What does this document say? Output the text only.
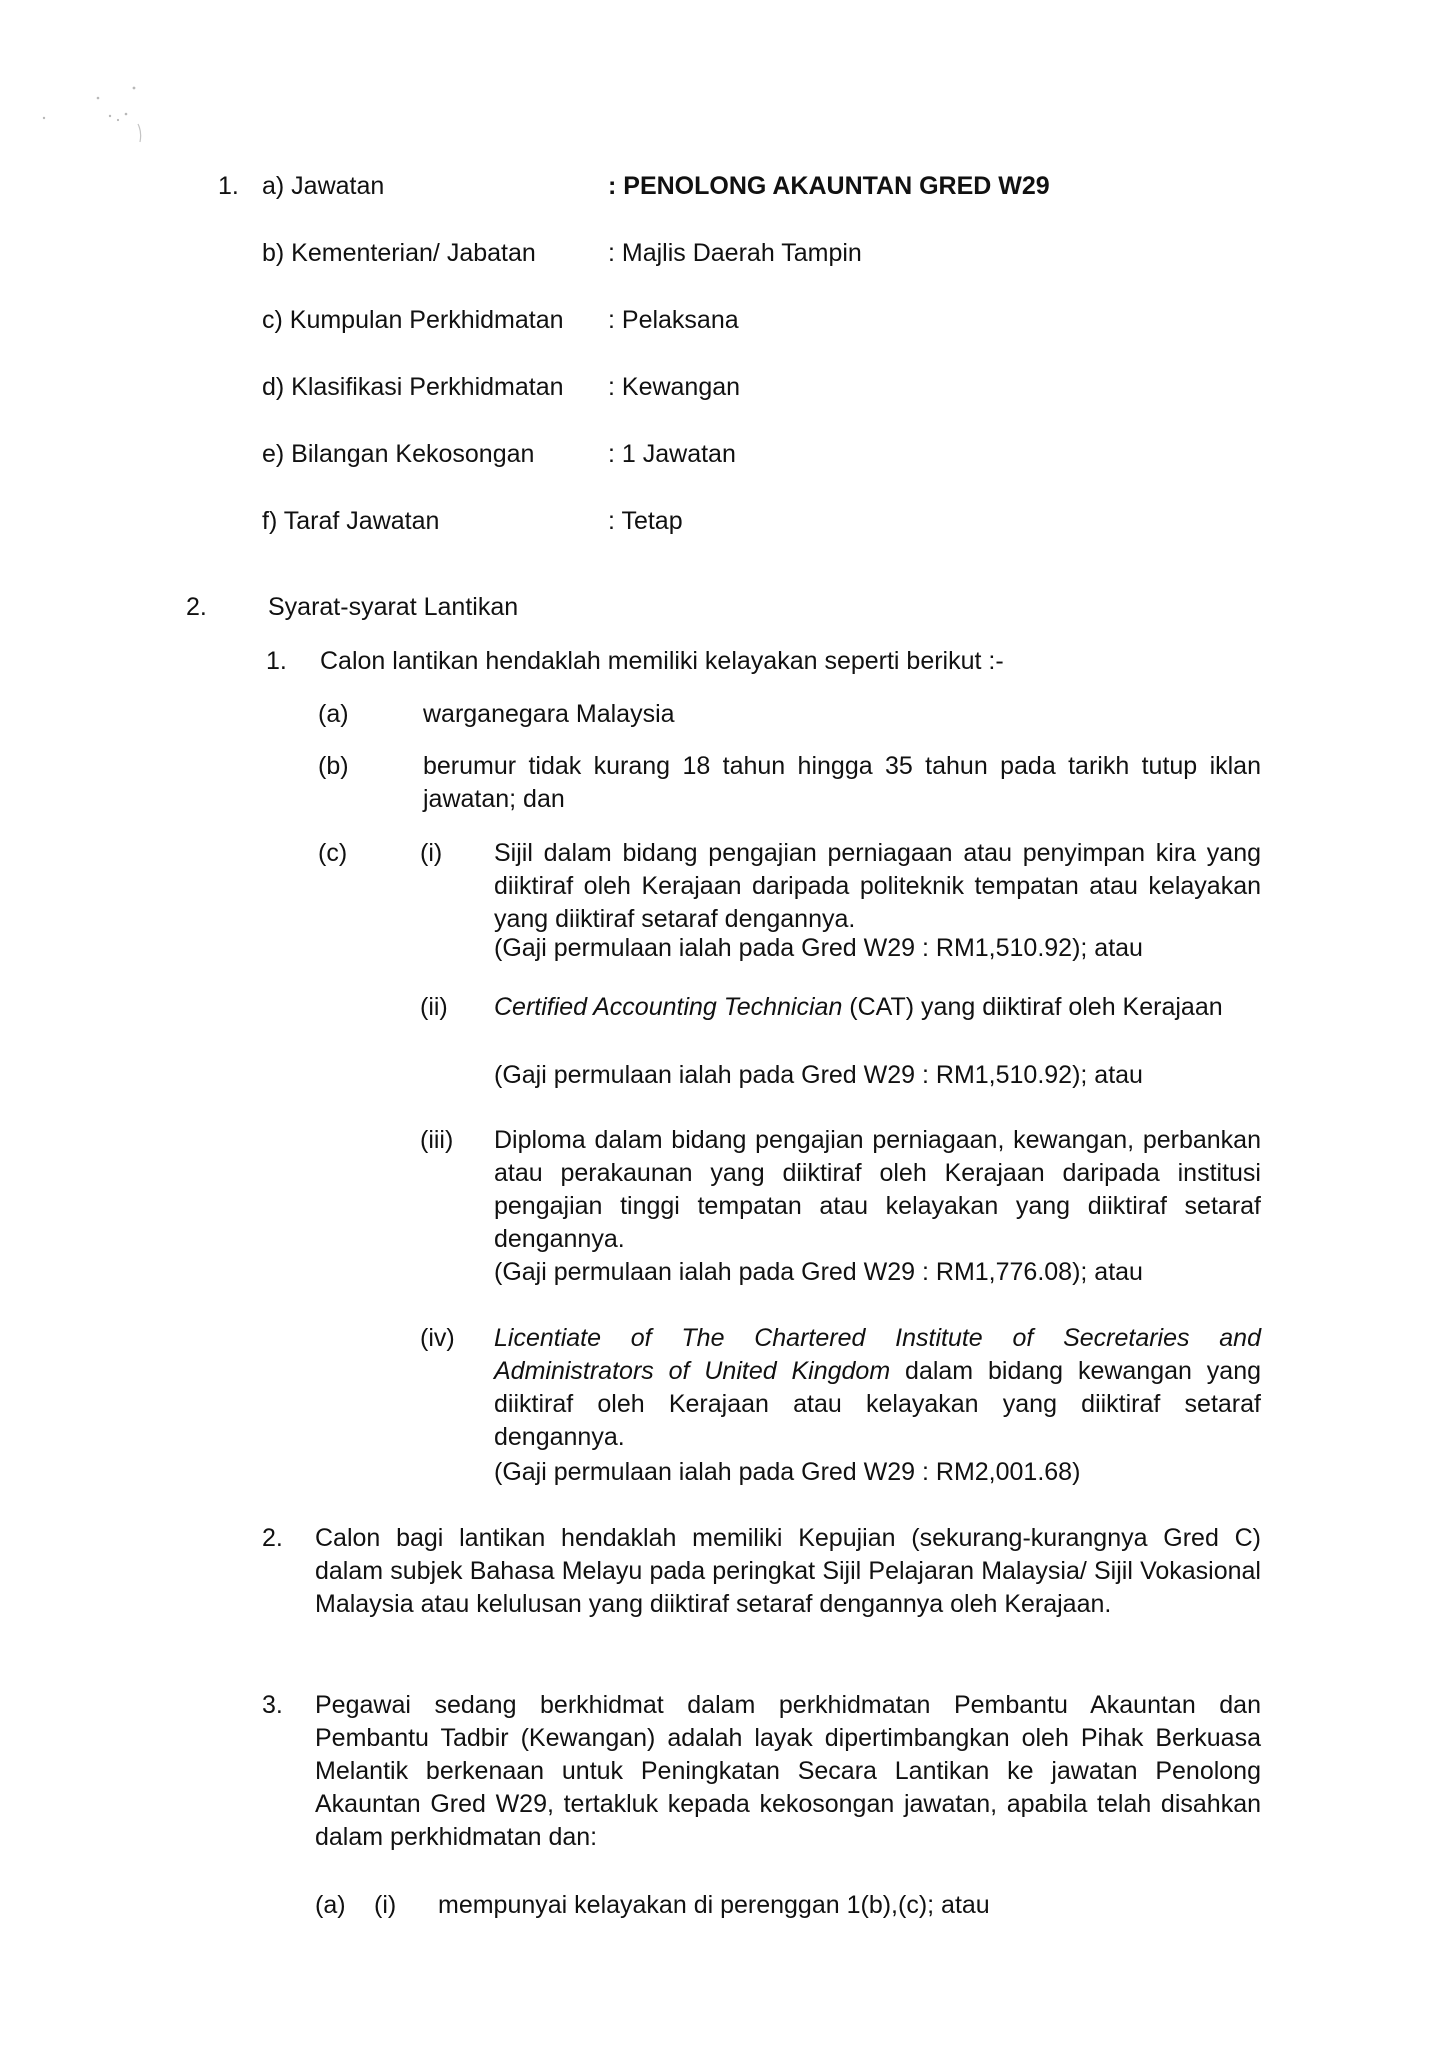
1. a) Jawatan	: PENOLONG AKAUNTAN GRED W29
b) Kementerian/ Jabatan	: Majlis Daerah Tampin
c) Kumpulan Perkhidmatan : Pelaksana
d) Klasifikasi Perkhidmatan : Kewangan
e) Bilangan Kekosongan	: 1 Jawatan
f) Taraf Jawatan	: Tetap
2. Syarat-syarat Lantikan
1. Calon lantikan hendaklah memiliki kelayakan seperti berikut :-
(a)	warganegara Malaysia
(b)	berumur tidak kurang 18 tahun hingga 35 tahun pada tarikh tutup iklan jawatan; dan
(c)	(i) Sijil dalam bidang pengajian perniagaan atau penyimpan kira yang diiktiraf oleh Kerajaan daripada politeknik tempatan atau kelayakan yang diiktiraf setaraf dengannya.
(Gaji permulaan ialah pada Gred W29 : RM1,510.92); atau
(ii) Certified Accounting Technician (CAT) yang diiktiraf oleh Kerajaan
(Gaji permulaan ialah pada Gred W29 : RM1,510.92); atau
(iii) Diploma dalam bidang pengajian perniagaan, kewangan, perbankan atau perakaunan yang diiktiraf oleh Kerajaan daripada institusi pengajian tinggi tempatan atau kelayakan yang diiktiraf setaraf dengannya.
(Gaji permulaan ialah pada Gred W29 : RM1,776.08); atau
(iv) Licentiate of The Chartered Institute of Secretaries and Administrators of United Kingdom dalam bidang kewangan yang diiktiraf oleh Kerajaan atau kelayakan yang diiktiraf setaraf dengannya.
(Gaji permulaan ialah pada Gred W29 : RM2,001.68)
2. Calon bagi lantikan hendaklah memiliki Kepujian (sekurang-kurangnya Gred C) dalam subjek Bahasa Melayu pada peringkat Sijil Pelajaran Malaysia/ Sijil Vokasional Malaysia atau kelulusan yang diiktiraf setaraf dengannya oleh Kerajaan.
3. Pegawai sedang berkhidmat dalam perkhidmatan Pembantu Akauntan dan Pembantu Tadbir (Kewangan) adalah layak dipertimbangkan oleh Pihak Berkuasa Melantik berkenaan untuk Peningkatan Secara Lantikan ke jawatan Penolong Akauntan Gred W29, tertakluk kepada kekosongan jawatan, apabila telah disahkan dalam perkhidmatan dan:
(a) (i) mempunyai kelayakan di perenggan 1(b),(c); atau
